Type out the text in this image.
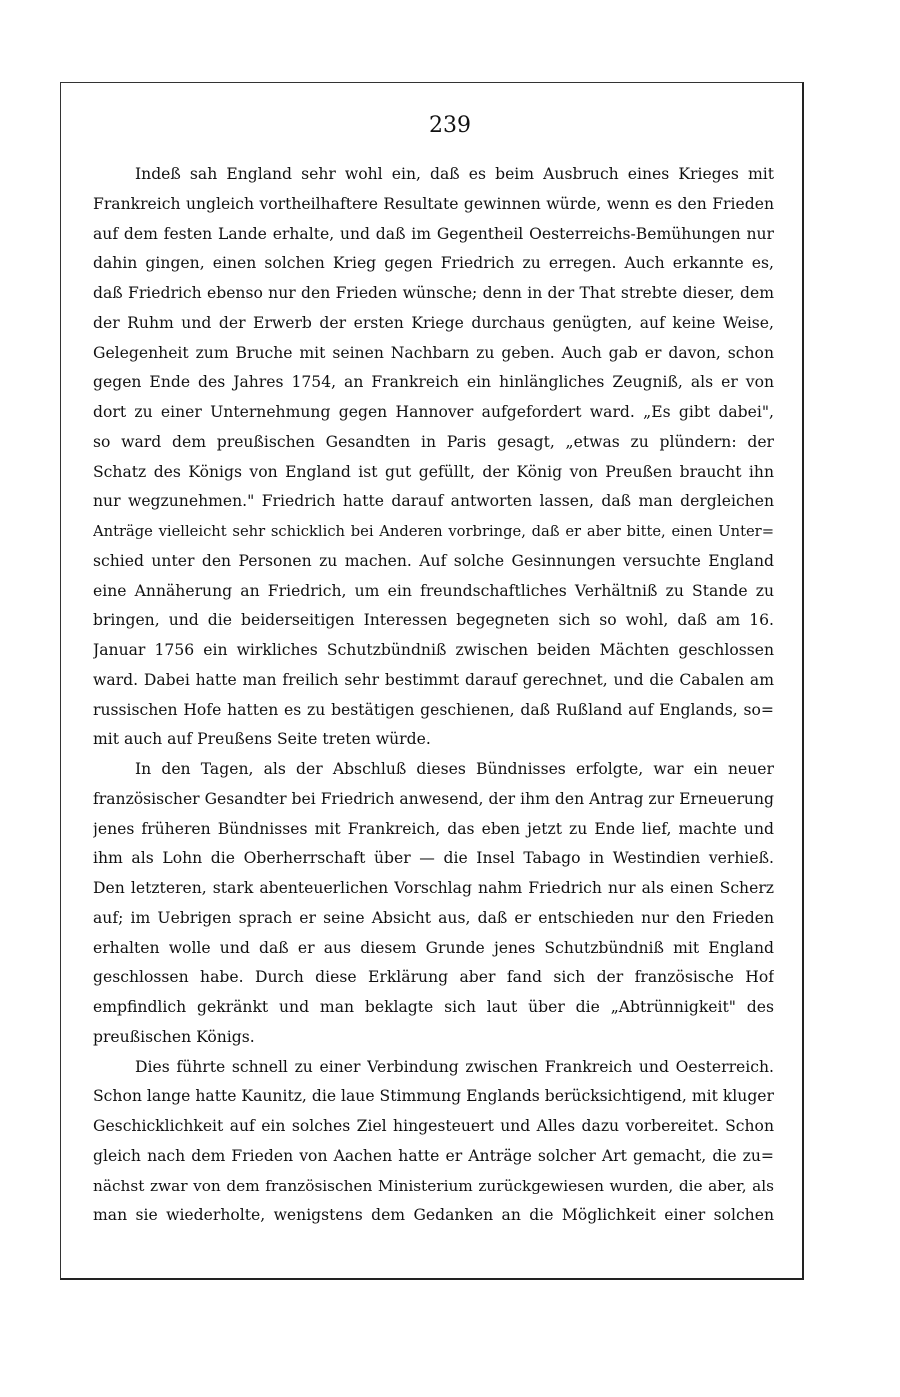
239
Indeß sah England sehr wohl ein, daß es beim Ausbruch eines Krieges mit
Frankreich ungleich vortheilhaftere Resultate gewinnen würde, wenn es den Frieden
auf dem festen Lande erhalte, und daß im Gegentheil Oesterreichs-Bemühungen nur
dahin gingen, einen solchen Krieg gegen Friedrich zu erregen. Auch erkannte es,
daß Friedrich ebenso nur den Frieden wünsche; denn in der That strebte dieser, dem
der Ruhm und der Erwerb der ersten Kriege durchaus genügten, auf keine Weise,
Gelegenheit zum Bruche mit seinen Nachbarn zu geben. Auch gab er davon, schon
gegen Ende des Jahres 1754, an Frankreich ein hinlängliches Zeugniß, als er von
dort zu einer Unternehmung gegen Hannover aufgefordert ward. „Es gibt dabei",
so ward dem preußischen Gesandten in Paris gesagt, „etwas zu plündern: der
Schatz des Königs von England ist gut gefüllt, der König von Preußen braucht ihn
nur wegzunehmen." Friedrich hatte darauf antworten lassen, daß man dergleichen
Anträge vielleicht sehr schicklich bei Anderen vorbringe, daß er aber bitte, einen Unter=
schied unter den Personen zu machen. Auf solche Gesinnungen versuchte England
eine Annäherung an Friedrich, um ein freundschaftliches Verhältniß zu Stande zu
bringen, und die beiderseitigen Interessen begegneten sich so wohl, daß am 16.
Januar 1756 ein wirkliches Schutzbündniß zwischen beiden Mächten geschlossen
ward. Dabei hatte man freilich sehr bestimmt darauf gerechnet, und die Cabalen am
russischen Hofe hatten es zu bestätigen geschienen, daß Rußland auf Englands, so=
mit auch auf Preußens Seite treten würde.
In den Tagen, als der Abschluß dieses Bündnisses erfolgte, war ein neuer
französischer Gesandter bei Friedrich anwesend, der ihm den Antrag zur Erneuerung
jenes früheren Bündnisses mit Frankreich, das eben jetzt zu Ende lief, machte und
ihm als Lohn die Oberherrschaft über — die Insel Tabago in Westindien verhieß.
Den letzteren, stark abenteuerlichen Vorschlag nahm Friedrich nur als einen Scherz
auf; im Uebrigen sprach er seine Absicht aus, daß er entschieden nur den Frieden
erhalten wolle und daß er aus diesem Grunde jenes Schutzbündniß mit England
geschlossen habe. Durch diese Erklärung aber fand sich der französische Hof
empfindlich gekränkt und man beklagte sich laut über die „Abtrünnigkeit" des
preußischen Königs.
Dies führte schnell zu einer Verbindung zwischen Frankreich und Oesterreich.
Schon lange hatte Kaunitz, die laue Stimmung Englands berücksichtigend, mit kluger
Geschicklichkeit auf ein solches Ziel hingesteuert und Alles dazu vorbereitet. Schon
gleich nach dem Frieden von Aachen hatte er Anträge solcher Art gemacht, die zu=
nächst zwar von dem französischen Ministerium zurückgewiesen wurden, die aber, als
man sie wiederholte, wenigstens dem Gedanken an die Möglichkeit einer solchen
